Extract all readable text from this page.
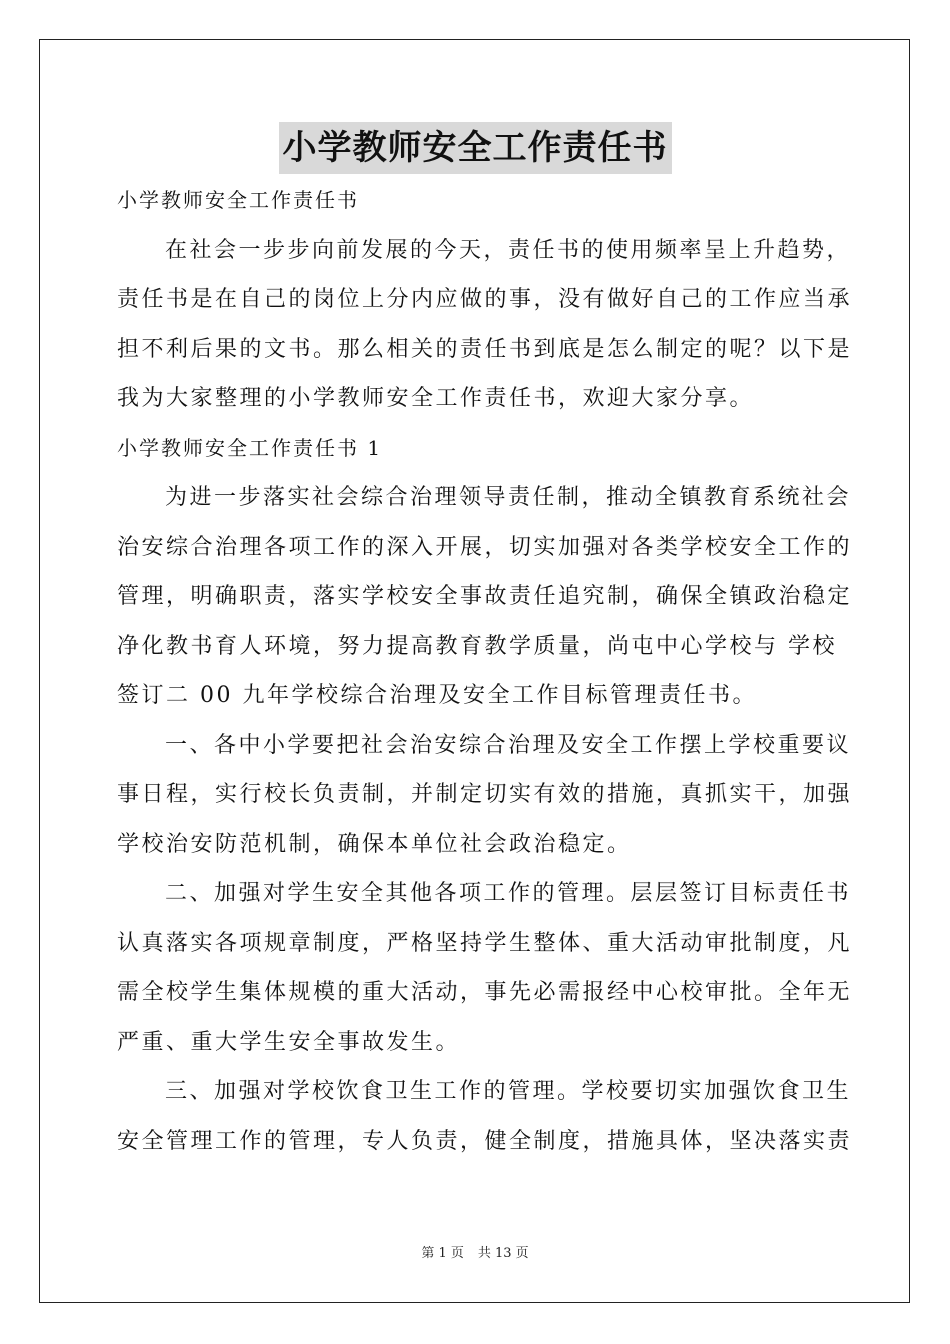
小学教师安全工作责任书
小学教师安全工作责任书
在社会一步步向前发展的今天，责任书的使用频率呈上升趋势，
责任书是在自己的岗位上分内应做的事，没有做好自己的工作应当承
担不利后果的文书。那么相关的责任书到底是怎么制定的呢？以下是
我为大家整理的小学教师安全工作责任书，欢迎大家分享。
小学教师安全工作责任书 1
为进一步落实社会综合治理领导责任制，推动全镇教育系统社会
治安综合治理各项工作的深入开展，切实加强对各类学校安全工作的
管理，明确职责，落实学校安全事故责任追究制，确保全镇政治稳定
净化教书育人环境，努力提高教育教学质量，尚屯中心学校与 学校
签订二 00 九年学校综合治理及安全工作目标管理责任书。
一、各中小学要把社会治安综合治理及安全工作摆上学校重要议
事日程，实行校长负责制，并制定切实有效的措施，真抓实干，加强
学校治安防范机制，确保本单位社会政治稳定。
二、加强对学生安全其他各项工作的管理。层层签订目标责任书
认真落实各项规章制度，严格坚持学生整体、重大活动审批制度，凡
需全校学生集体规模的重大活动，事先必需报经中心校审批。全年无
严重、重大学生安全事故发生。
三、加强对学校饮食卫生工作的管理。学校要切实加强饮食卫生
安全管理工作的管理，专人负责，健全制度，措施具体，坚决落实责
第 1 页 共 13 页
